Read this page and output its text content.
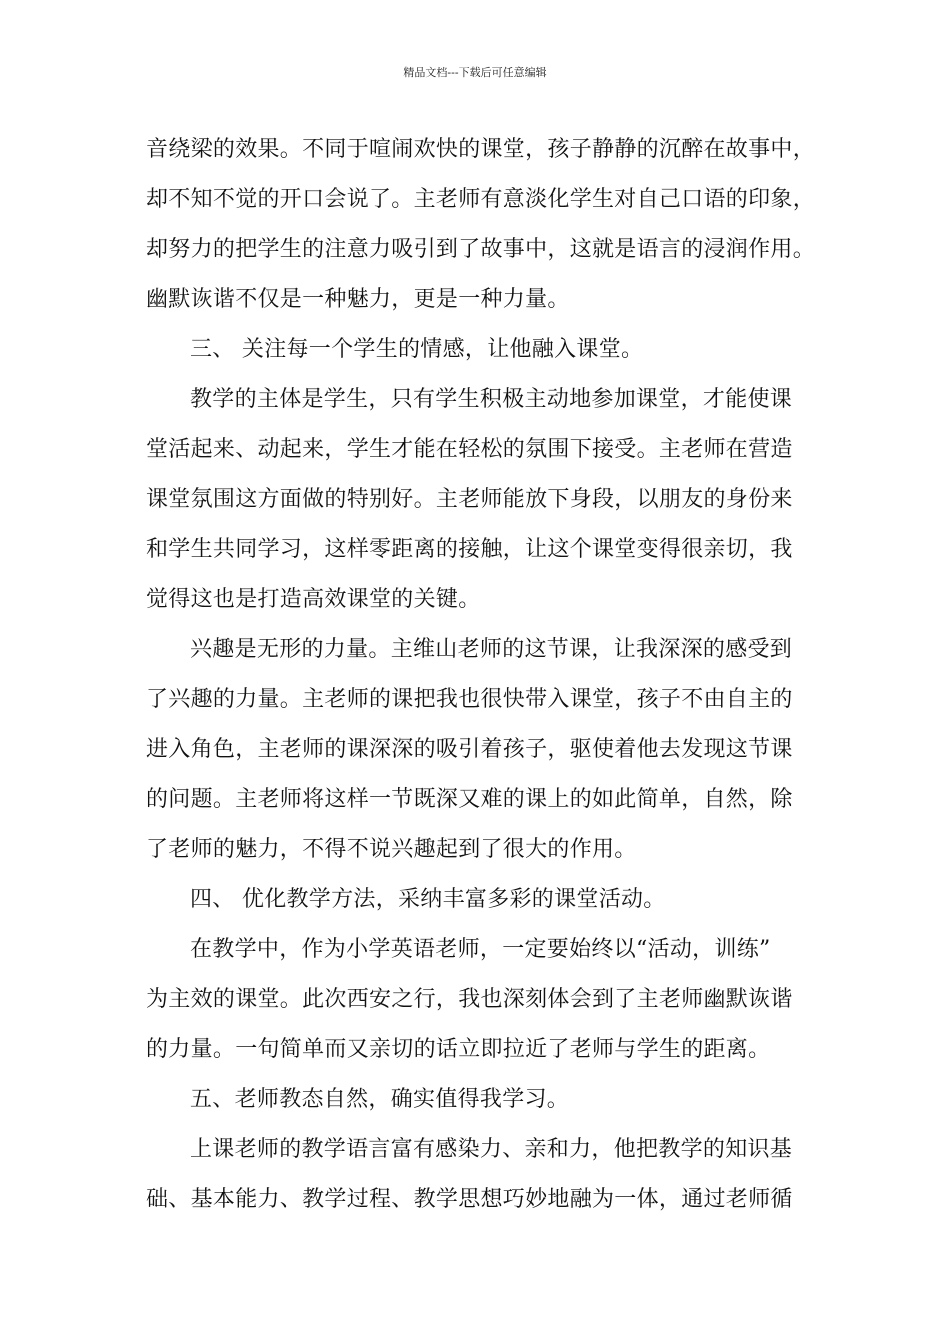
精品文档---下载后可任意编辑
音绕梁的效果。不同于喧闹欢快的课堂，孩子静静的沉醉在故事中，
却不知不觉的开口会说了。主老师有意淡化学生对自己口语的印象，
却努力的把学生的注意力吸引到了故事中，这就是语言的浸润作用。
幽默诙谐不仅是一种魅力，更是一种力量。
三、 关注每一个学生的情感，让他融入课堂。
教学的主体是学生，只有学生积极主动地参加课堂，才能使课
堂活起来、动起来，学生才能在轻松的氛围下接受。主老师在营造
课堂氛围这方面做的特别好。主老师能放下身段，以朋友的身份来
和学生共同学习，这样零距离的接触，让这个课堂变得很亲切，我
觉得这也是打造高效课堂的关键。
兴趣是无形的力量。主维山老师的这节课，让我深深的感受到
了兴趣的力量。主老师的课把我也很快带入课堂，孩子不由自主的
进入角色，主老师的课深深的吸引着孩子，驱使着他去发现这节课
的问题。主老师将这样一节既深又难的课上的如此简单，自然，除
了老师的魅力，不得不说兴趣起到了很大的作用。
四、 优化教学方法，采纳丰富多彩的课堂活动。
在教学中，作为小学英语老师，一定要始终以“活动，训练”
为主效的课堂。此次西安之行，我也深刻体会到了主老师幽默诙谐
的力量。一句简单而又亲切的话立即拉近了老师与学生的距离。
五、老师教态自然，确实值得我学习。
上课老师的教学语言富有感染力、亲和力，他把教学的知识基
础、基本能力、教学过程、教学思想巧妙地融为一体，通过老师循
